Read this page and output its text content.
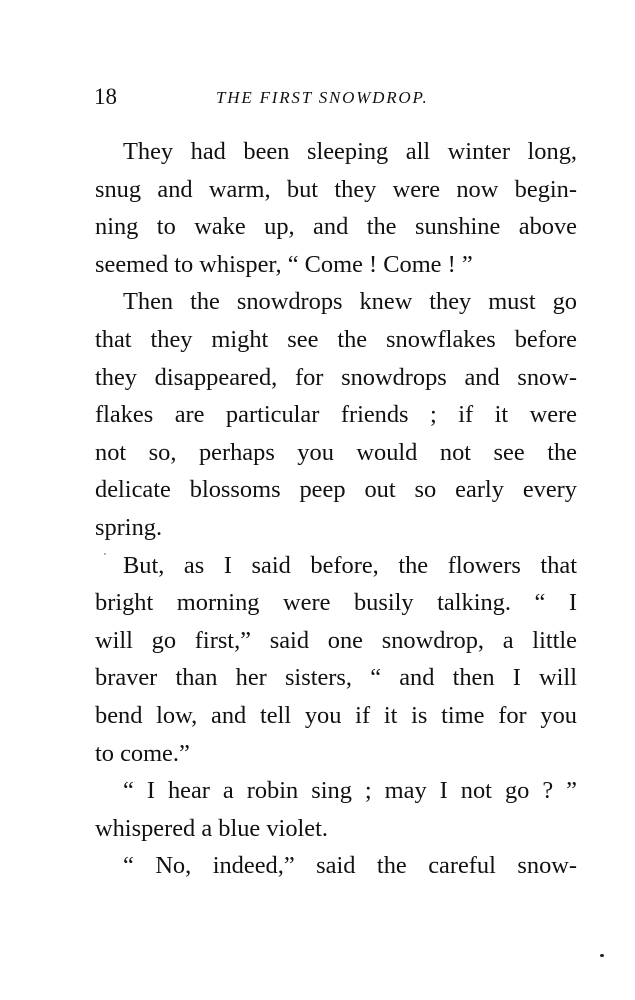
18	THE FIRST SNOWDROP.
They had been sleeping all winter long,
snug and warm, but they were now begin-
ning to wake up, and the sunshine above
seemed to whisper, “ Come ! Come ! ”
Then the snowdrops knew they must go
that they might see the snowflakes before
they disappeared, for snowdrops and snow-
flakes are particular friends ; if it were
not so, perhaps you would not see the
delicate blossoms peep out so early every
spring.
But, as I said before, the flowers that
bright morning were busily talking. “ I
will go first,” said one snowdrop, a little
braver than her sisters, “ and then I will
bend low, and tell you if it is time for you
to come.”
“ I hear a robin sing ; may I not go ? ”
whispered a blue violet.
“ No, indeed,” said the careful snow-
